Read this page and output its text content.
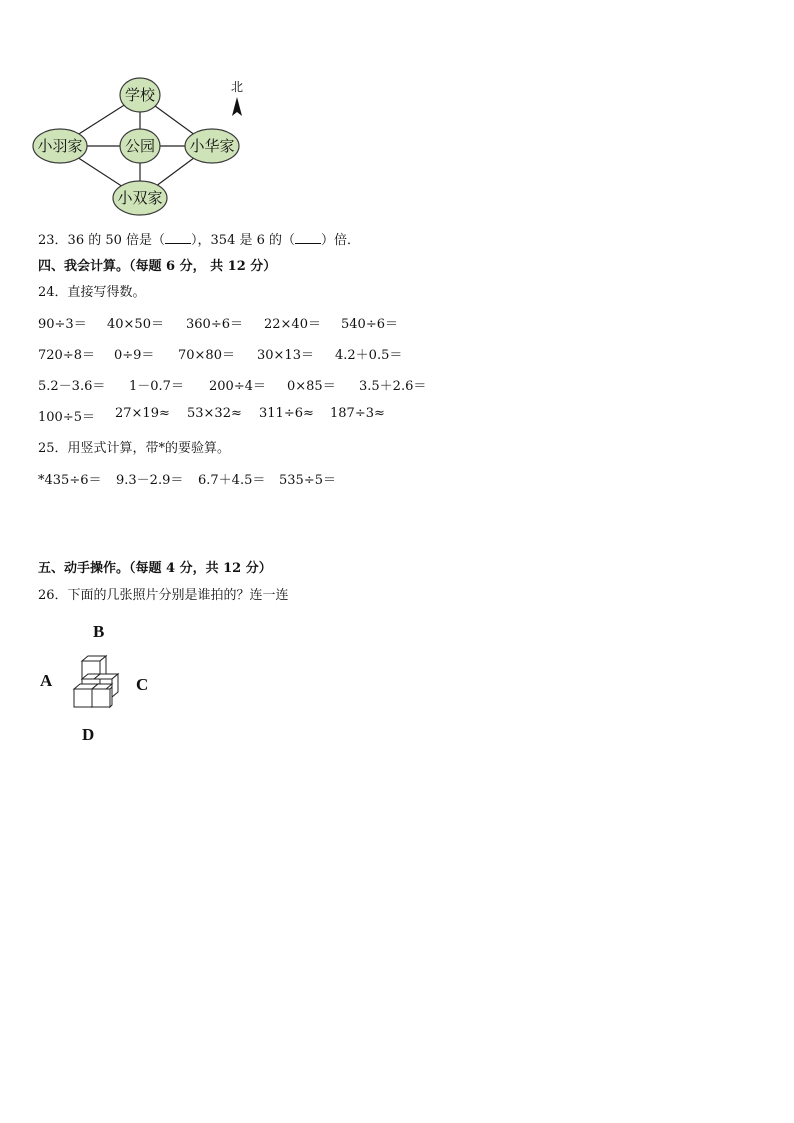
学校
小羽家	公园 小华家
小双家
北
23．36 的 50 倍是（ ），354 是 6 的（ ）倍．
四、我会计算。（每题 6 分， 共 12 分）
24．直接写得数。
90÷3＝ 40×50＝ 360÷6＝ 22×40＝ 540÷6＝
720÷8＝ 0÷9＝ 70×80＝ 30×13＝ 4.2＋0.5＝
5.2－3.6＝ 1－0.7＝ 200÷4＝ 0×85＝ 3.5＋2.6＝
100÷5＝ 27×19≈ 53×32≈ 311÷6≈ 187÷3≈
25．用竖式计算，带*的要验算。
*435÷6＝ 9.3－2.9＝ 6.7＋4.5＝ 535÷5＝
五、动手操作。（每题 4 分，共 12 分）
26．下面的几张照片分别是谁拍的？连一连
B
A	C
D
